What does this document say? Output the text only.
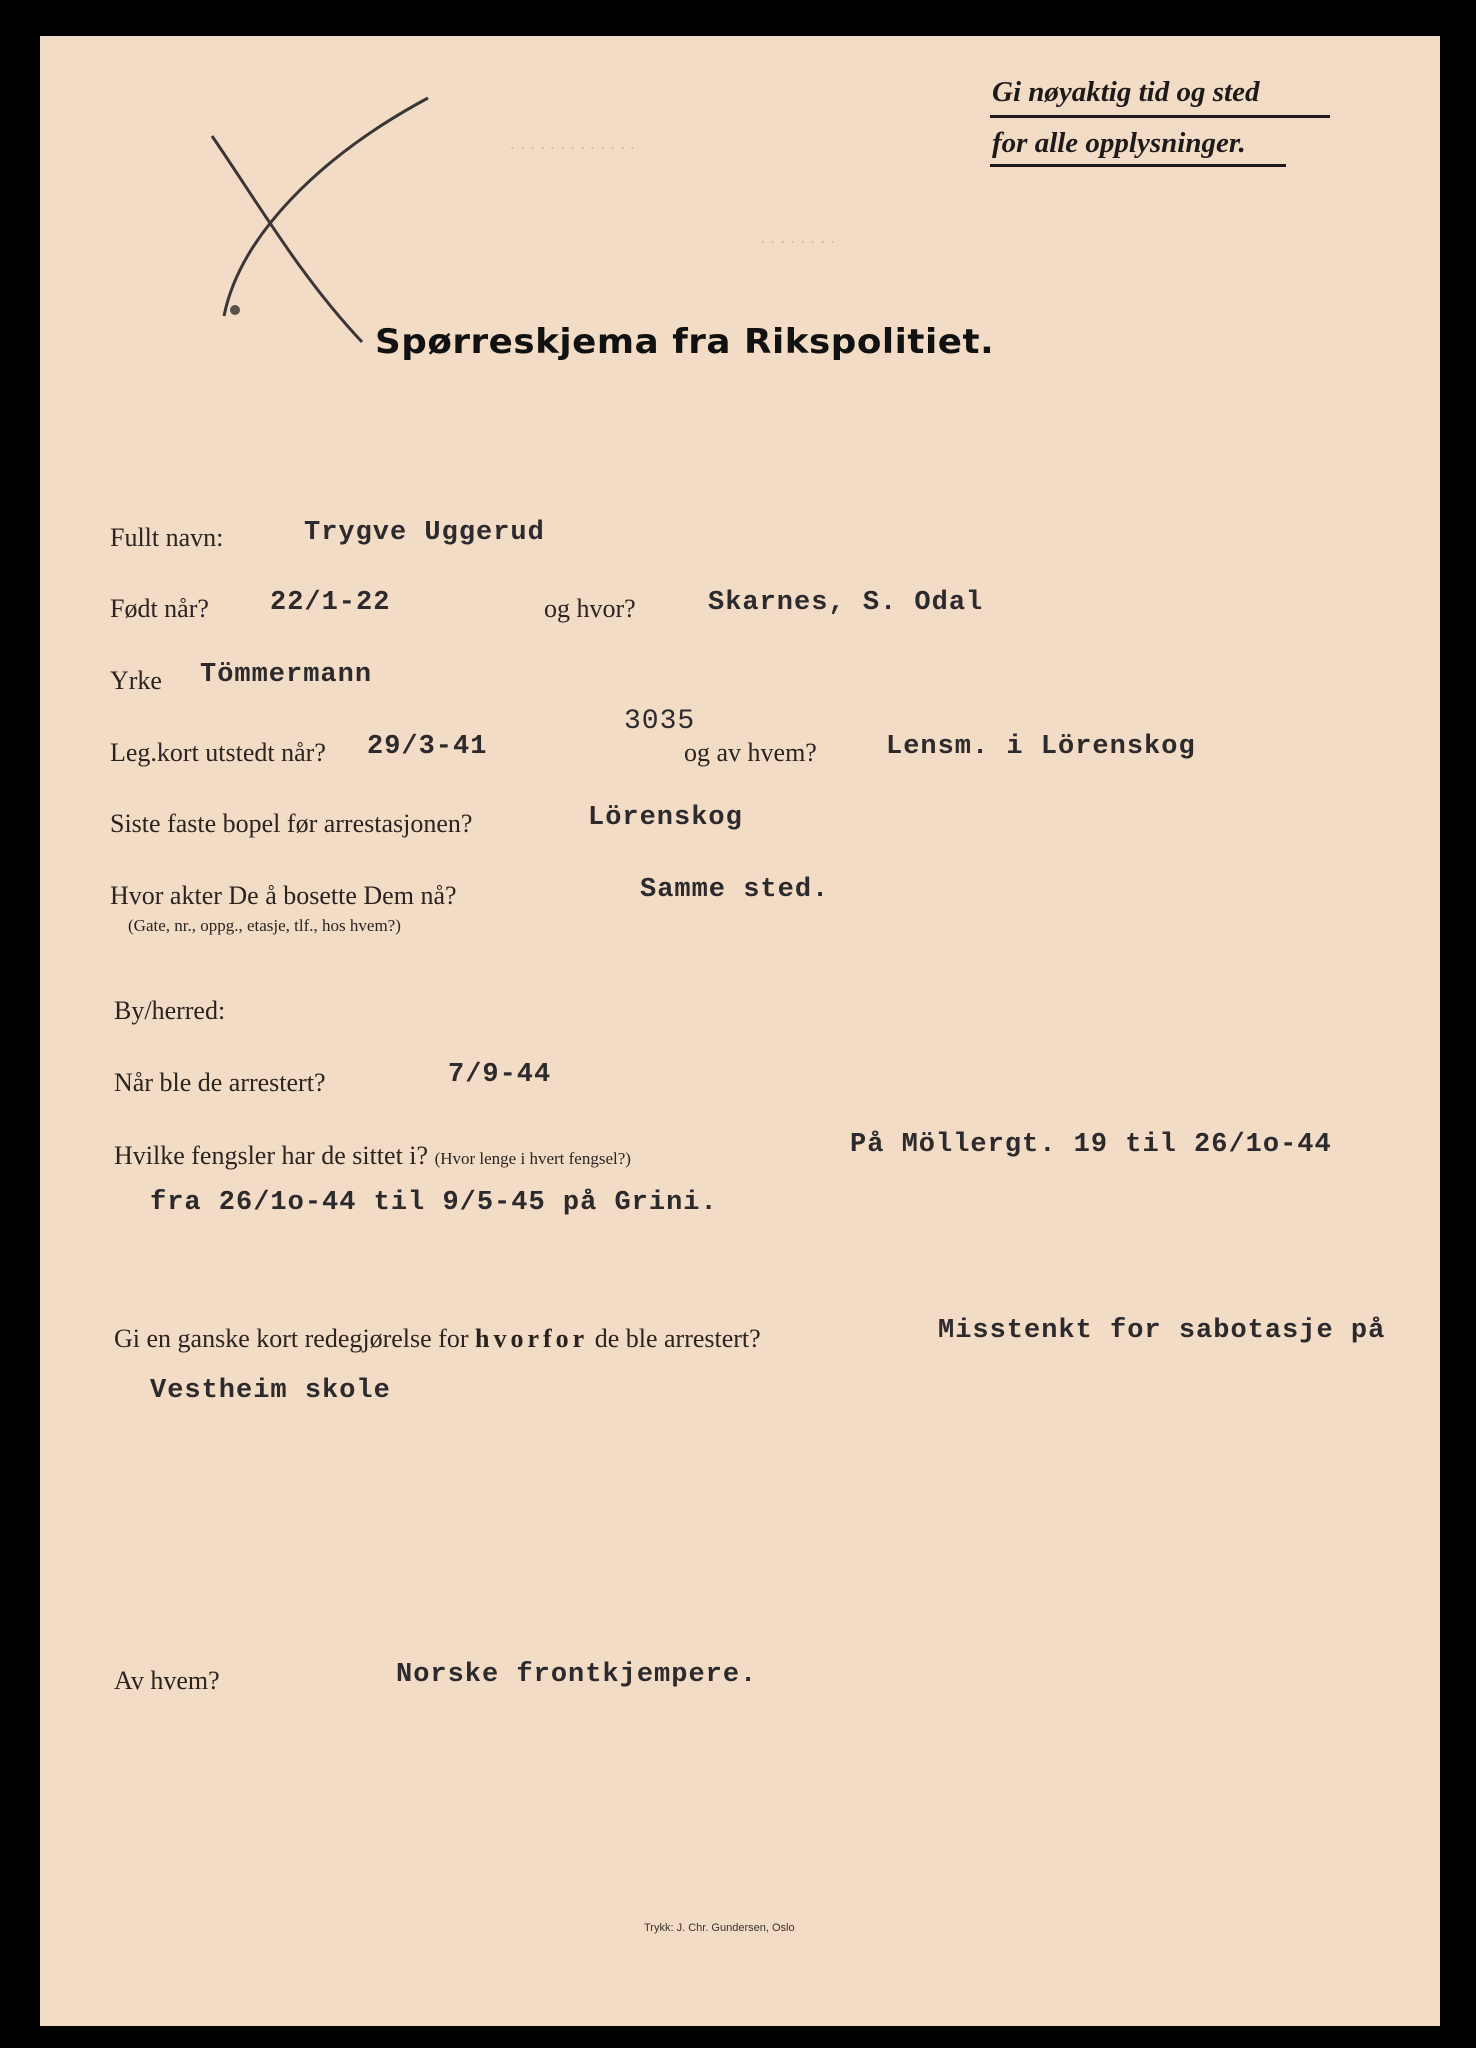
. . . . . . . . . . . . .
. . . . . . . .
Gi nøyaktig tid og sted
for alle opplysninger.
Spørreskjema fra Rikspolitiet.
Fullt navn:	Trygve Uggerud
Født når? 22/1-22	og hvor?	Skarnes, S. Odal
Yrke Tömmermann
3035
Leg.kort utstedt når? 29/3-41	og av hvem?	Lensm. i Lörenskog
Siste faste bopel før arrestasjonen?	Lörenskog
Hvor akter De å bosette Dem nå?
(Gate, nr., oppg., etasje, tlf., hos hvem?)
Samme sted.
By/herred:
Når ble de arrestert?	7/9-44
Hvilke fengsler har de sittet i? (Hvor lenge i hvert fengsel?)	På Möllergt. 19 til 26/1o-44
fra 26/1o-44 til 9/5-45 på Grini.
Gi en ganske kort redegjørelse for hvorfor de ble arrestert?	Misstenkt for sabotasje på
Vestheim skole
Av hvem?	Norske frontkjempere.
Trykk: J. Chr. Gundersen, Oslo
